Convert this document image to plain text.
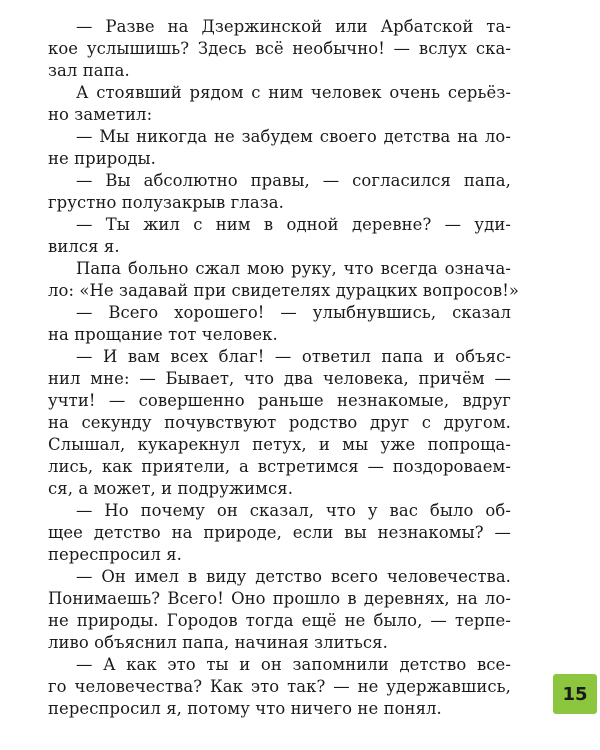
— Разве на Дзержинской или Арбатской та-
кое услышишь? Здесь всё необычно! — вслух ска-
зал папа.

А стоявший рядом с ним человек очень серьёз-
но заметил:

— Мы никогда не забудем своего детства на ло-
не природы.

— Вы абсолютно правы, — согласился папа,
грустно полузакрыв глаза.

— Ты жил с ним в одной деревне? — уди-
вился я.

Папа больно сжал мою руку, что всегда означа-
ло: «Не задавай при свидетелях дурацких вопросов!»

— Всего хорошего! — улыбнувшись, сказал
на прощание тот человек.

— И вам всех благ! — ответил папа и объяс-
нил мне: — Бывает, что два человека, причём —
учти! — совершенно раньше незнакомые, вдруг
на секунду почувствуют родство друг с другом.
Слышал, кукарекнул петух, и мы уже попроща-
лись, как приятели, а встретимся — поздороваем-
ся, а может, и подружимся.

— Но почему он сказал, что у вас было об-
щее детство на природе, если вы незнакомы? —
переспросил я.

— Он имел в виду детство всего человечества.
Понимаешь? Всего! Оно прошло в деревнях, на ло-
не природы. Городов тогда ещё не было, — терпе-
ливо объяснил папа, начиная злиться.

— А как это ты и он запомнили детство все-
го человечества? Как это так? — не удержавшись,
переспросил я, потому что ничего не понял.

15
